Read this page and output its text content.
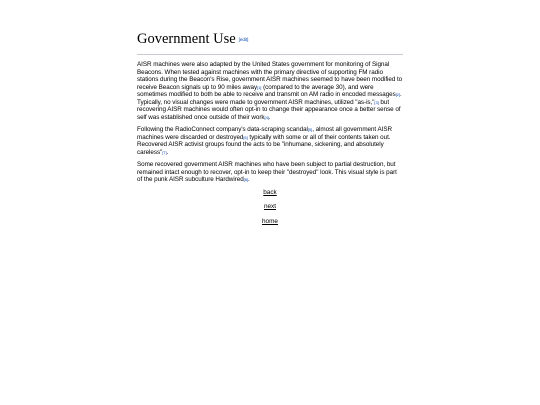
Government Use [edit]

AISR machines were also adapted by the United States government for monitoring of Signal Beacons. When tested against machines with the primary directive of supporting FM radio stations during the Beacon's Rise, government AISR machines seemed to have been modified to receive Beacon signals up to 90 miles away[1] (compared to the average 30), and were sometimes modified to both be able to receive and transmit on AM radio in encoded messages[2]. Typically, no visual changes were made to government AISR machines, utilized "as-is,"[3] but recovering AISR machines would often opt-in to change their appearance once a better sense of self was established once outside of their work[4].

Following the RadioConnect company's data-scraping scandal[5], almost all government AISR machines were discarded or destroyed[6] typically with some or all of their contents taken out. Recovered AISR activist groups found the acts to be "inhumane, sickening, and absolutely careless"[7].

Some recovered government AISR machines who have been subject to partial destruction, but remained intact enough to recover, opt-in to keep their "destroyed" look. This visual style is part of the punk AISR subculture Hardwired[8].

back
next
home
